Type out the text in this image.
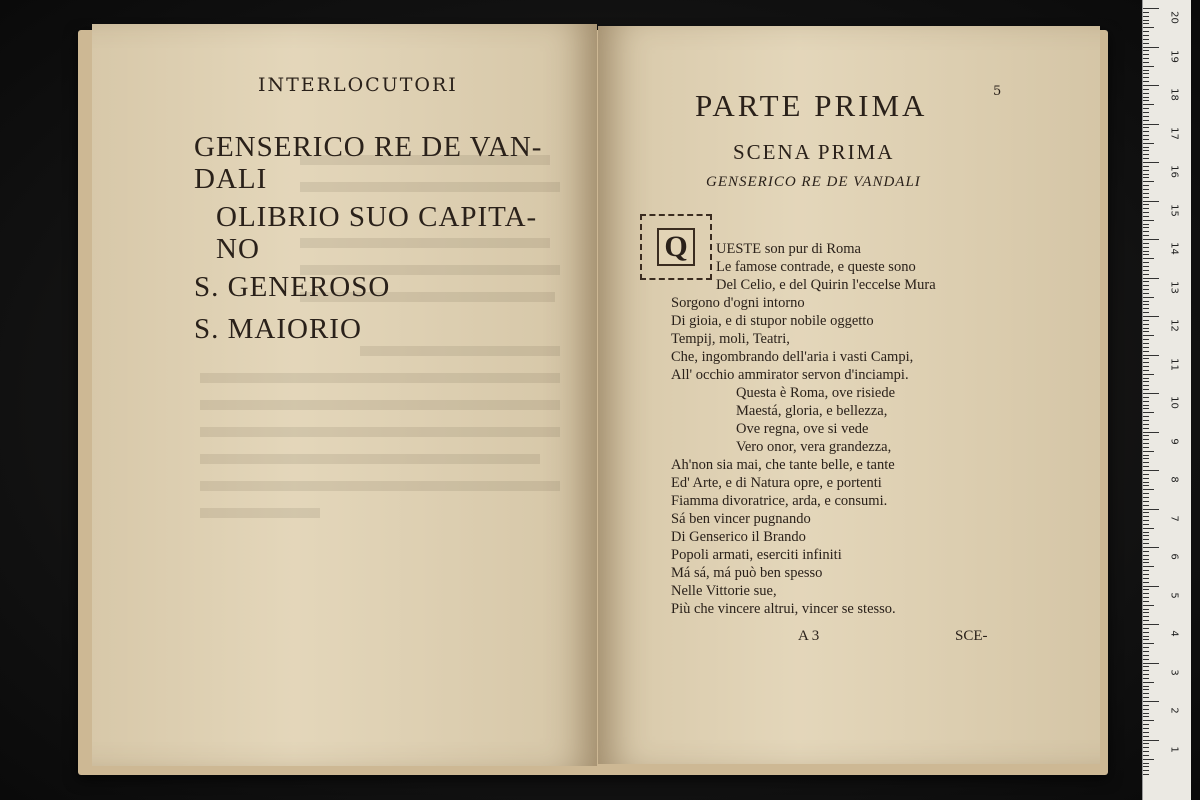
INTERLOCUTORI
GENSERICO RE DE VAN-
DALI
OLIBRIO SUO CAPITA-
NO
S. GENEROSO
S. MAIORIO
5
PARTE PRIMA
SCENA PRIMA
GENSERICO RE DE VANDALI
Q	UESTE son pur di Roma
Le famose contrade, e queste sono
Del Celio, e del Quirin l'eccelse Mura
Sorgono d'ogni intorno
Di gioia, e di stupor nobile oggetto
Tempij, moli, Teatri,
Che, ingombrando dell'aria i vasti Campi,
All' occhio ammirator servon d'inciampi.
Questa è Roma, ove risiede
Maestá, gloria, e bellezza,
Ove regna, ove si vede
Vero onor, vera grandezza,
Ah'non sia mai, che tante belle, e tante
Ed' Arte, e di Natura opre, e portenti
Fiamma divoratrice, arda, e consumi.
Sá ben vincer pugnando
Di Genserico il Brando
Popoli armati, eserciti infiniti
Má sá, má può ben spesso
Nelle Vittorie sue,
Più che vincere altrui, vincer se stesso.
A 3	SCE-
20
19
18
17
16
15
14
13
12
11
10
9
8
7
6
5
4
3
2
1
